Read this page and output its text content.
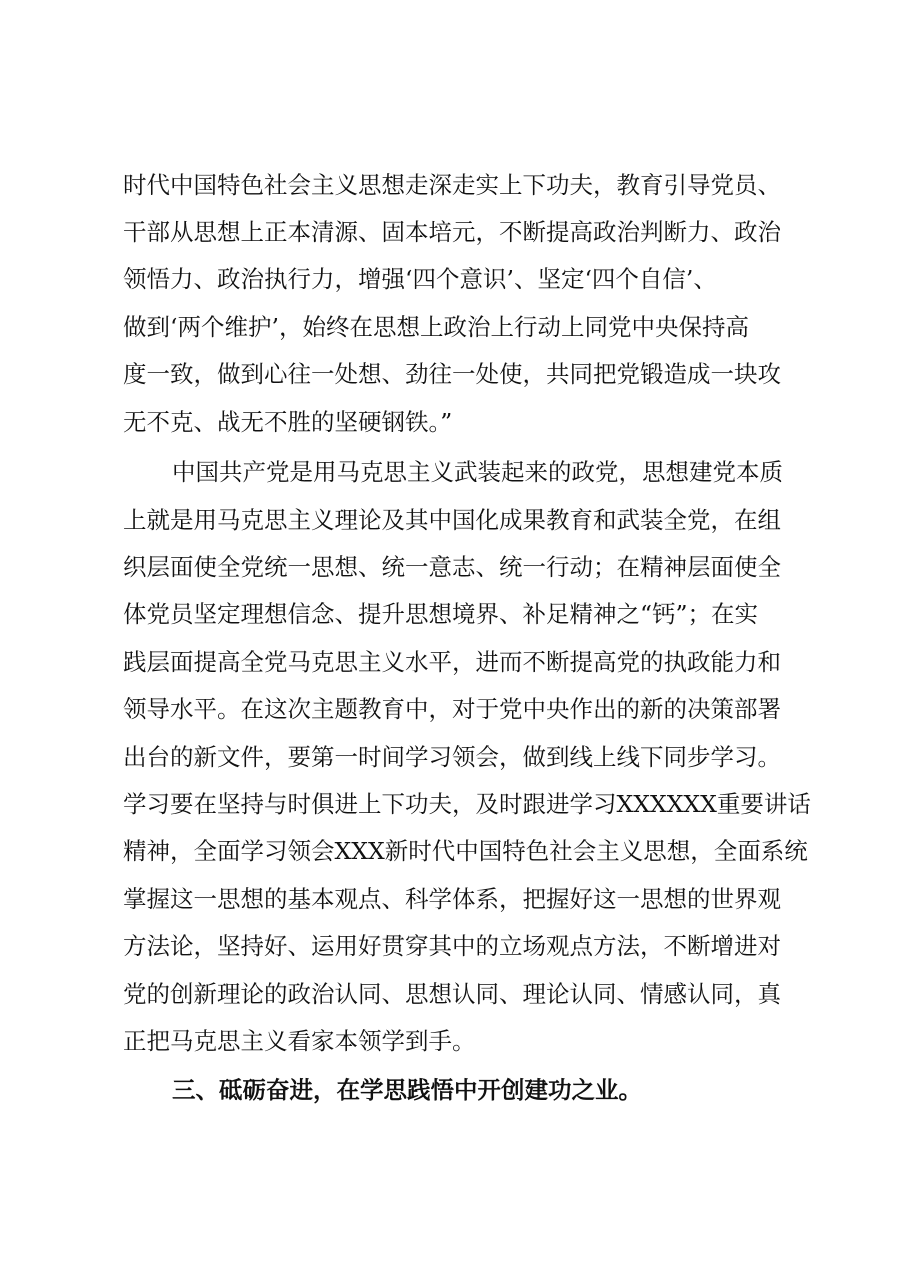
时代中国特色社会主义思想走深走实上下功夫，教育引导党员、

干部从思想上正本清源、固本培元，不断提高政治判断力、政治

领悟力、政治执行力，增强‘四个意识’、坚定‘四个自信’、

做到‘两个维护’，始终在思想上政治上行动上同党中央保持高

度一致，做到心往一处想、劲往一处使，共同把党锻造成一块攻

无不克、战无不胜的坚硬钢铁。”

中国共产党是用马克思主义武装起来的政党，思想建党本质

上就是用马克思主义理论及其中国化成果教育和武装全党，在组

织层面使全党统一思想、统一意志、统一行动；在精神层面使全

体党员坚定理想信念、提升思想境界、补足精神之“钙”；在实

践层面提高全党马克思主义水平，进而不断提高党的执政能力和

领导水平。在这次主题教育中，对于党中央作出的新的决策部署

出台的新文件，要第一时间学习领会，做到线上线下同步学习。

学习要在坚持与时俱进上下功夫，及时跟进学习XXXXXX重要讲话

精神，全面学习领会XXX新时代中国特色社会主义思想，全面系统

掌握这一思想的基本观点、科学体系，把握好这一思想的世界观

方法论，坚持好、运用好贯穿其中的立场观点方法，不断增进对

党的创新理论的政治认同、思想认同、理论认同、情感认同，真

正把马克思主义看家本领学到手。

三、砥砺奋进，在学思践悟中开创建功之业。
